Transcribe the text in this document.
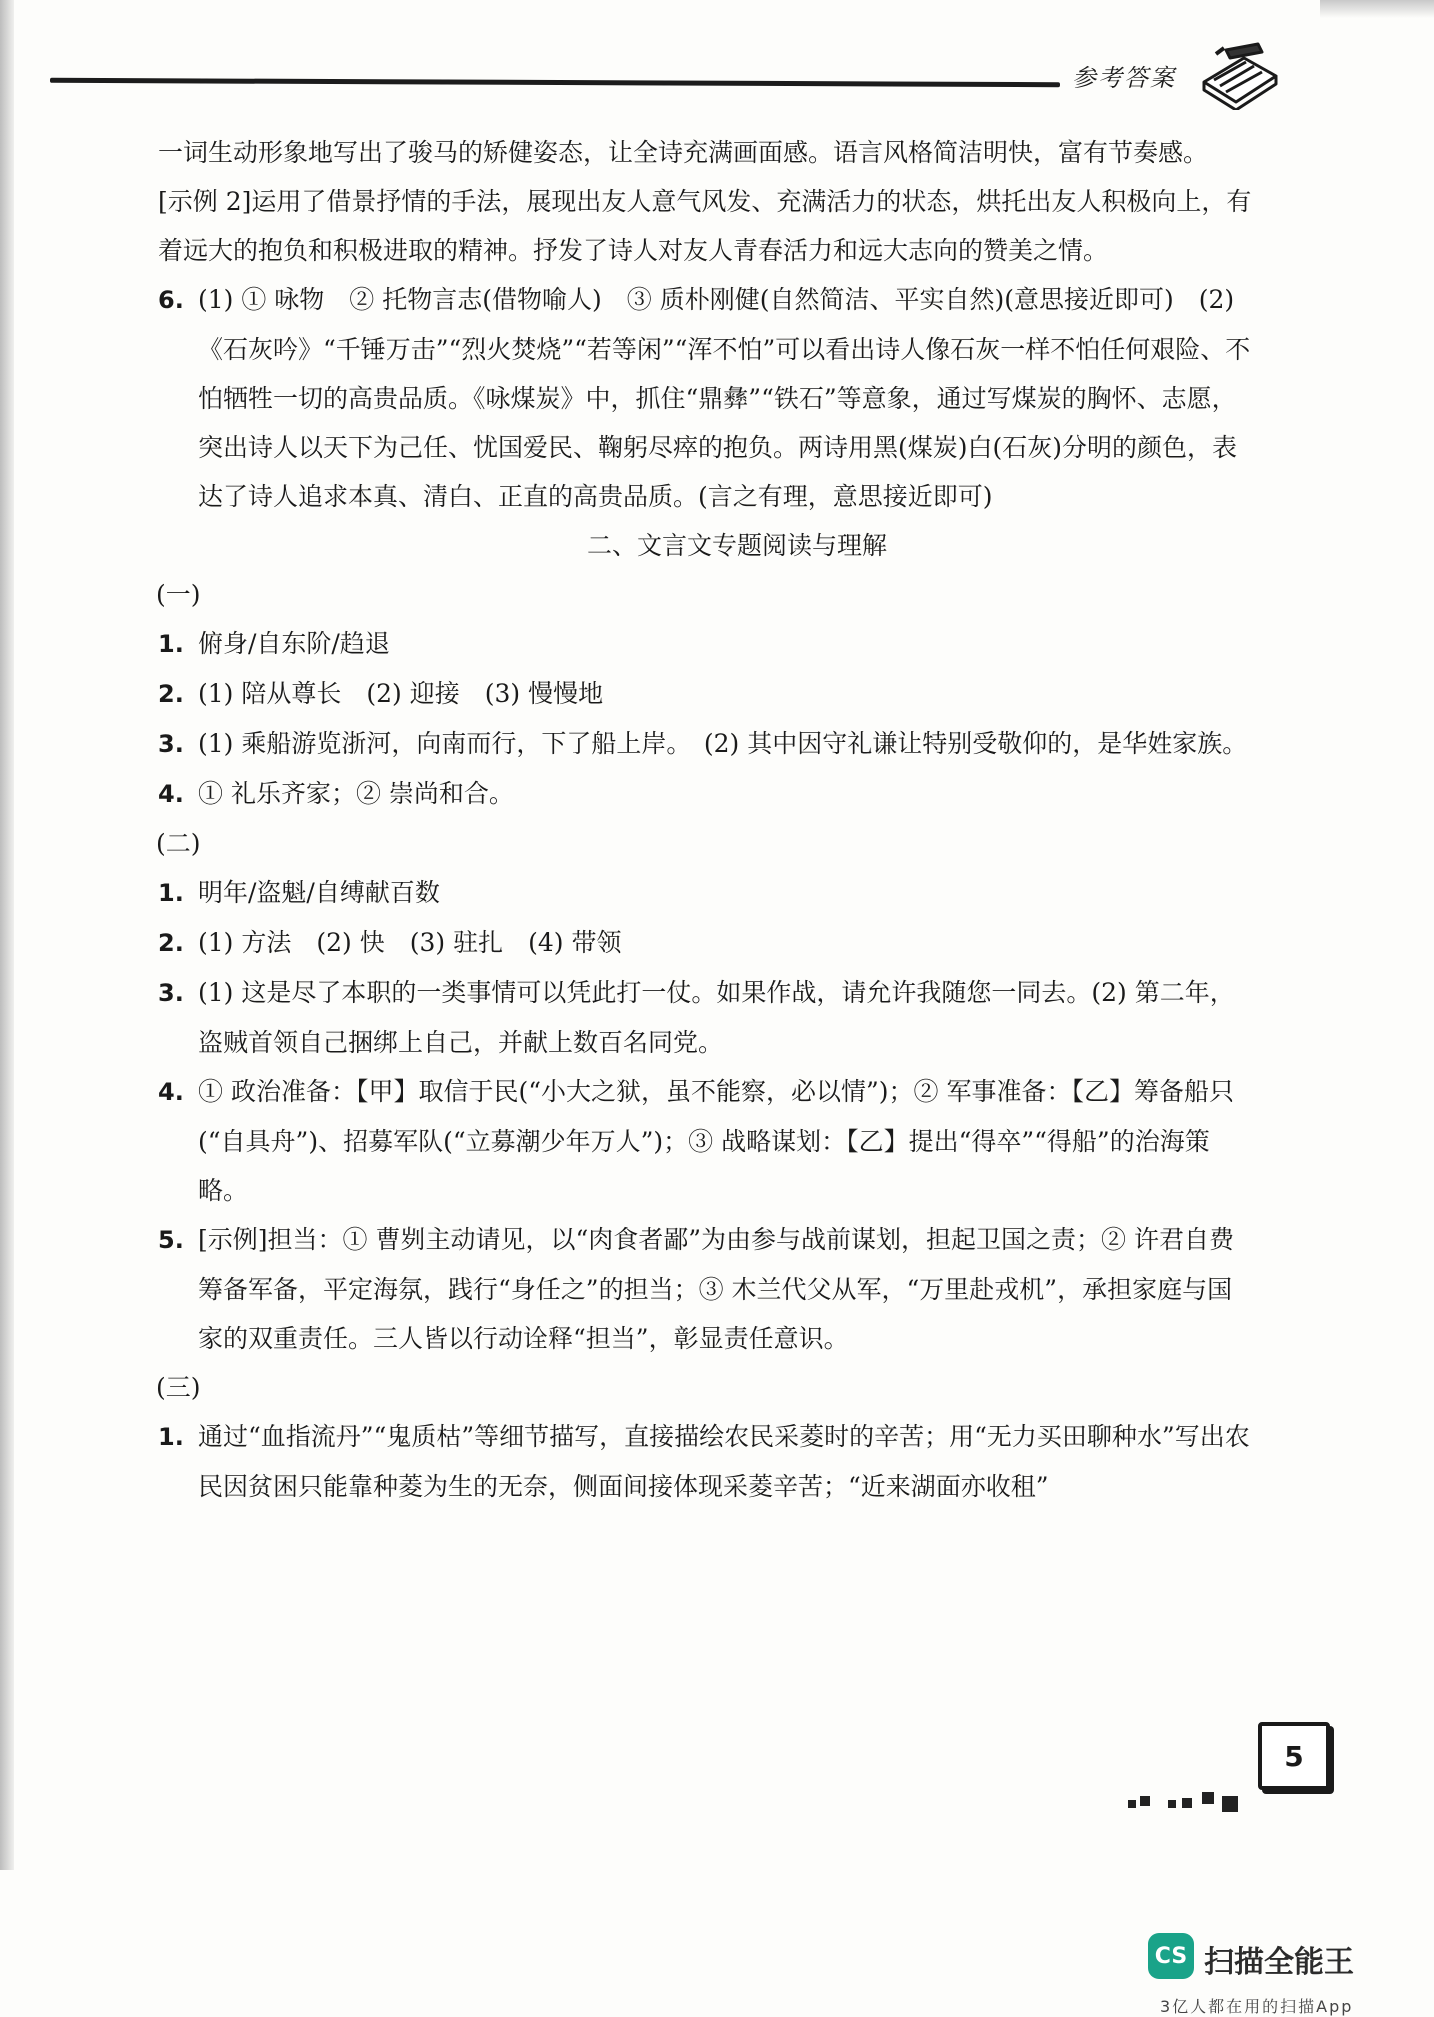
参考答案

一词生动形象地写出了骏马的矫健姿态，让全诗充满画面感。语言风格简洁明快，富有节奏感。

[示例 2]运用了借景抒情的手法，展现出友人意气风发、充满活力的状态，烘托出友人积极向上，有着远大的抱负和积极进取的精神。抒发了诗人对友人青春活力和远大志向的赞美之情。

6. (1) ① 咏物　② 托物言志(借物喻人)　③ 质朴刚健(自然简洁、平实自然)(意思接近即可)　(2)《石灰吟》“千锤万击”“烈火焚烧”“若等闲”“浑不怕”可以看出诗人像石灰一样不怕任何艰险、不怕牺牲一切的高贵品质。《咏煤炭》中，抓住“鼎彝”“铁石”等意象，通过写煤炭的胸怀、志愿，突出诗人以天下为己任、忧国爱民、鞠躬尽瘁的抱负。两诗用黑(煤炭)白(石灰)分明的颜色，表达了诗人追求本真、清白、正直的高贵品质。(言之有理，意思接近即可)

二、文言文专题阅读与理解

(一)

1. 俯身/自东阶/趋退

2. (1) 陪从尊长　(2) 迎接　(3) 慢慢地

3. (1) 乘船游览浙河，向南而行，下了船上岸。　(2) 其中因守礼谦让特别受敬仰的，是华姓家族。

4. ① 礼乐齐家；② 崇尚和合。

(二)

1. 明年/盗魁/自缚献百数

2. (1) 方法　(2) 快　(3) 驻扎　(4) 带领

3. (1) 这是尽了本职的一类事情可以凭此打一仗。如果作战，请允许我随您一同去。(2) 第二年，盗贼首领自己捆绑上自己，并献上数百名同党。

4. ① 政治准备：【甲】取信于民(“小大之狱，虽不能察，必以情”)；② 军事准备：【乙】筹备船只(“自具舟”)、招募军队(“立募潮少年万人”)；③ 战略谋划：【乙】提出“得卒”“得船”的治海策略。

5. [示例]担当：① 曹刿主动请见，以“肉食者鄙”为由参与战前谋划，担起卫国之责；② 许君自费筹备军备，平定海氛，践行“身任之”的担当；③ 木兰代父从军，“万里赴戎机”，承担家庭与国家的双重责任。三人皆以行动诠释“担当”，彰显责任意识。

(三)

1. 通过“血指流丹”“鬼质枯”等细节描写，直接描绘农民采菱时的辛苦；用“无力买田聊种水”写出农民因贫困只能靠种菱为生的无奈，侧面间接体现采菱辛苦；“近来湖面亦收租”

5
CS 扫描全能王
3亿人都在用的扫描App
